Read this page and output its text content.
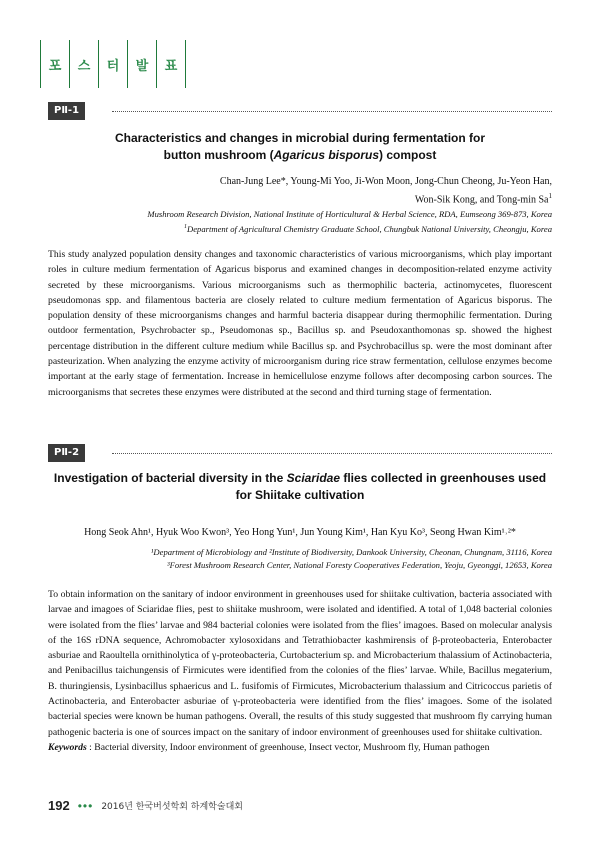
포	스	터	발	표
PⅡ-1
Characteristics and changes in microbial during fermentation for
button mushroom (Agaricus bisporus) compost
Chan-Jung Lee*, Young-Mi Yoo, Ji-Won Moon, Jong-Chun Cheong, Ju-Yeon Han,
Won-Sik Kong, and Tong-min Sa$^1$
Mushroom Research Division, National Institute of Horticultural & Herbal Science, RDA, Eumseong 369-873, Korea
$^1$Department of Agricultural Chemistry Graduate School, Chungbuk National University, Cheongju, Korea
This study analyzed population density changes and taxonomic characteristics of various microorganisms, which play important roles in culture medium fermentation of Agaricus bisporus and examined changes in decomposition-related enzyme activity secreted by these microorganisms. Various microorganisms such as thermophilic bacteria, actinomycetes, fluorescent pseudomonas spp. and filamentous bacteria are closely related to culture medium fermentation of Agaricus bisporus. The population density of these microorganisms changes and harmful bacteria disappear during thermophilic fermentation. During outdoor fermentation, Psychrobacter sp., Pseudomonas sp., Bacillus sp. and Pseudoxanthomonas sp. showed the highest percentage distribution in the different culture medium while Bacillus sp. and Psychrobacillus sp. were the most dominant after pasteurization. When analyzing the enzyme activity of microorganism during rice straw fermentation, cellulose enzymes become important at the early stage of fermentation. Increase in hemicellulose enzyme follows after decomposing carbon sources. The microorganisms that secretes these enzymes were distributed at the second and third turning stage of fermentation.
PⅡ-2
Investigation of bacterial diversity in the Sciaridae flies collected in greenhouses used
for Shiitake cultivation
Hong Seok Ahn¹, Hyuk Woo Kwon³, Yeo Hong Yun¹, Jun Young Kim¹, Han Kyu Ko³, Seong Hwan Kim¹˒²*
¹Department of Microbiology and ²Institute of Biodiversity, Dankook University, Cheonan, Chungnam, 31116, Korea
³Forest Mushroom Research Center, National Foresty Cooperatives Federation, Yeoju, Gyeonggi, 12653, Korea
To obtain information on the sanitary of indoor environment in greenhouses used for shiitake cultivation, bacteria associated with larvae and imagoes of Sciaridae flies, pest to shiitake mushroom, were isolated and identified. A total of 1,048 bacterial colonies were isolated from the flies’ larvae and 984 bacterial colonies were isolated from the flies’ imagoes. Based on molecular analysis of the 16S rDNA sequence, Achromobacter xylosoxidans and Tetrathiobacter kashmirensis of β-proteobacteria, Enterobacter asburiae and Raoultella ornithinolytica of γ-proteobacteria, Curtobacterium sp. and Microbacterium thalassium of Actinobacteria, and Penibacillus taichungensis of Firmicutes were identified from the colonies of the flies’ larvae. While, Bacillus megaterium, B. thuringiensis, Lysinbacillus sphaericus and L. fusifomis of Firmicutes, Microbacterium thalassium and Citricoccus parietis of Actinobacteria, and Enterobacter asburiae of γ-proteobacteria were identified from the flies’ imagoes. Some of the isolated bacterial species were known be human pathogens. Overall, the results of this study suggested that mushroom fly carrying human pathogenic bacteria is one of sources impact on the sanitary of indoor environment of greenhouses used for shiitake cultivation.
Keywords : Bacterial diversity, Indoor environment of greenhouse, Insect vector, Mushroom fly, Human pathogen
192 ••• 2016년 한국버섯학회 하계학술대회
